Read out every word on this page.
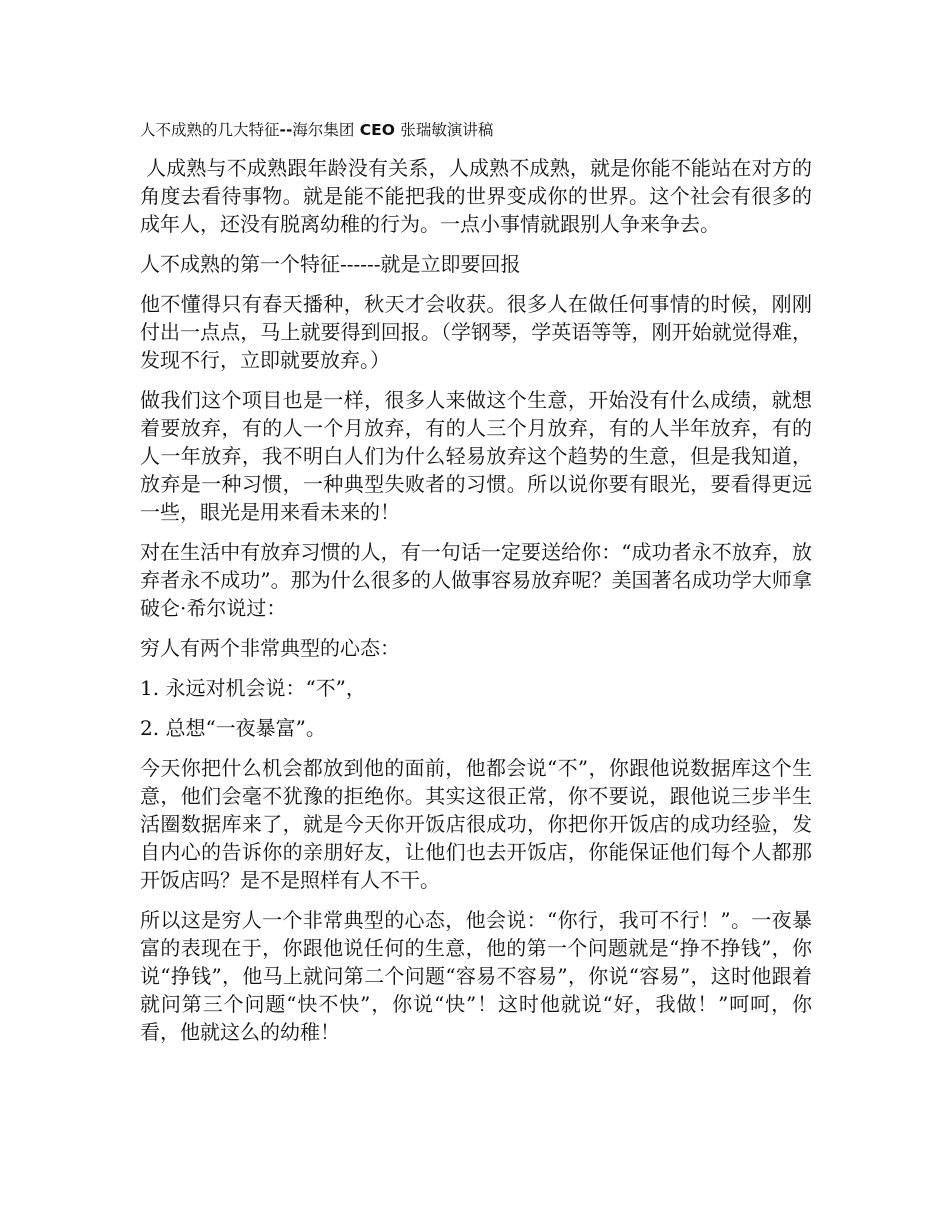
人不成熟的几大特征--海尔集团 CEO 张瑞敏演讲稿

人成熟与不成熟跟年龄没有关系，人成熟不成熟，就是你能不能站在对方的角度去看待事物。就是能不能把我的世界变成你的世界。这个社会有很多的成年人，还没有脱离幼稚的行为。一点小事情就跟别人争来争去。

人不成熟的第一个特征------就是立即要回报

他不懂得只有春天播种，秋天才会收获。很多人在做任何事情的时候，刚刚付出一点点，马上就要得到回报。（学钢琴，学英语等等，刚开始就觉得难，发现不行，立即就要放弃。）

做我们这个项目也是一样，很多人来做这个生意，开始没有什么成绩，就想着要放弃，有的人一个月放弃，有的人三个月放弃，有的人半年放弃，有的人一年放弃，我不明白人们为什么轻易放弃这个趋势的生意，但是我知道，放弃是一种习惯，一种典型失败者的习惯。所以说你要有眼光，要看得更远一些，眼光是用来看未来的！

对在生活中有放弃习惯的人，有一句话一定要送给你：“成功者永不放弃，放弃者永不成功”。那为什么很多的人做事容易放弃呢？美国著名成功学大师拿破仑·希尔说过：

穷人有两个非常典型的心态：

1. 永远对机会说：“不”，

2. 总想“一夜暴富”。

今天你把什么机会都放到他的面前，他都会说“不”，你跟他说数据库这个生意，他们会毫不犹豫的拒绝你。其实这很正常，你不要说，跟他说三步半生活圈数据库来了，就是今天你开饭店很成功，你把你开饭店的成功经验，发自内心的告诉你的亲朋好友，让他们也去开饭店，你能保证他们每个人都那开饭店吗？是不是照样有人不干。

所以这是穷人一个非常典型的心态，他会说：“你行，我可不行！”。一夜暴富的表现在于，你跟他说任何的生意，他的第一个问题就是“挣不挣钱”，你说“挣钱”，他马上就问第二个问题“容易不容易”，你说“容易”，这时他跟着就问第三个问题“快不快”，你说“快”！这时他就说“好，我做！”呵呵，你看，他就这么的幼稚！
